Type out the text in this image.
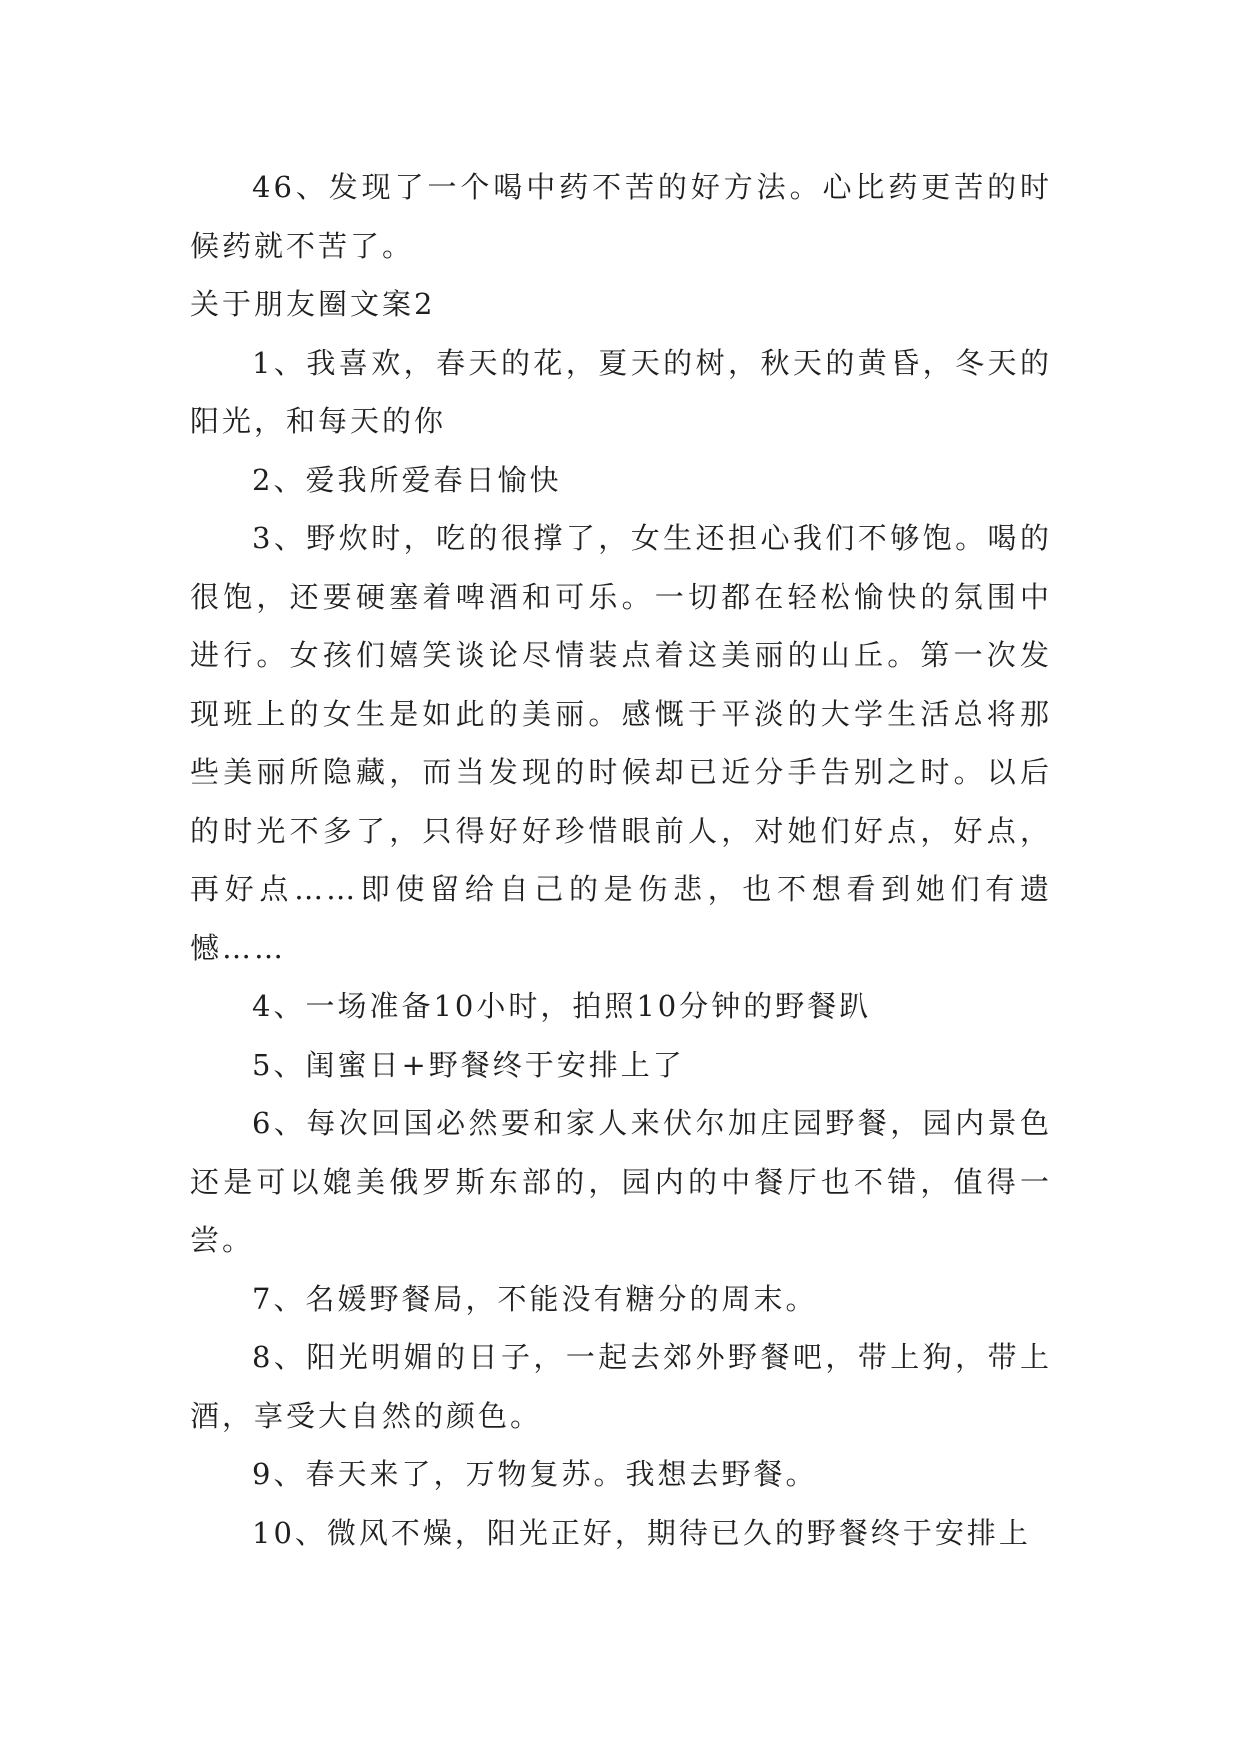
46、发现了一个喝中药不苦的好方法。心比药更苦的时候药就不苦了。

关于朋友圈文案2

1、我喜欢，春天的花，夏天的树，秋天的黄昏，冬天的阳光，和每天的你

2、爱我所爱春日愉快

3、野炊时，吃的很撑了，女生还担心我们不够饱。喝的很饱，还要硬塞着啤酒和可乐。一切都在轻松愉快的氛围中进行。女孩们嬉笑谈论尽情装点着这美丽的山丘。第一次发现班上的女生是如此的美丽。感慨于平淡的大学生活总将那些美丽所隐藏，而当发现的时候却已近分手告别之时。以后的时光不多了，只得好好珍惜眼前人，对她们好点，好点，再好点……即使留给自己的是伤悲，也不想看到她们有遗憾……

4、一场准备10小时，拍照10分钟的野餐趴

5、闺蜜日+野餐终于安排上了

6、每次回国必然要和家人来伏尔加庄园野餐，园内景色还是可以媲美俄罗斯东部的，园内的中餐厅也不错，值得一尝。

7、名媛野餐局，不能没有糖分的周末。

8、阳光明媚的日子，一起去郊外野餐吧，带上狗，带上酒，享受大自然的颜色。

9、春天来了，万物复苏。我想去野餐。

10、微风不燥，阳光正好，期待已久的野餐终于安排上
